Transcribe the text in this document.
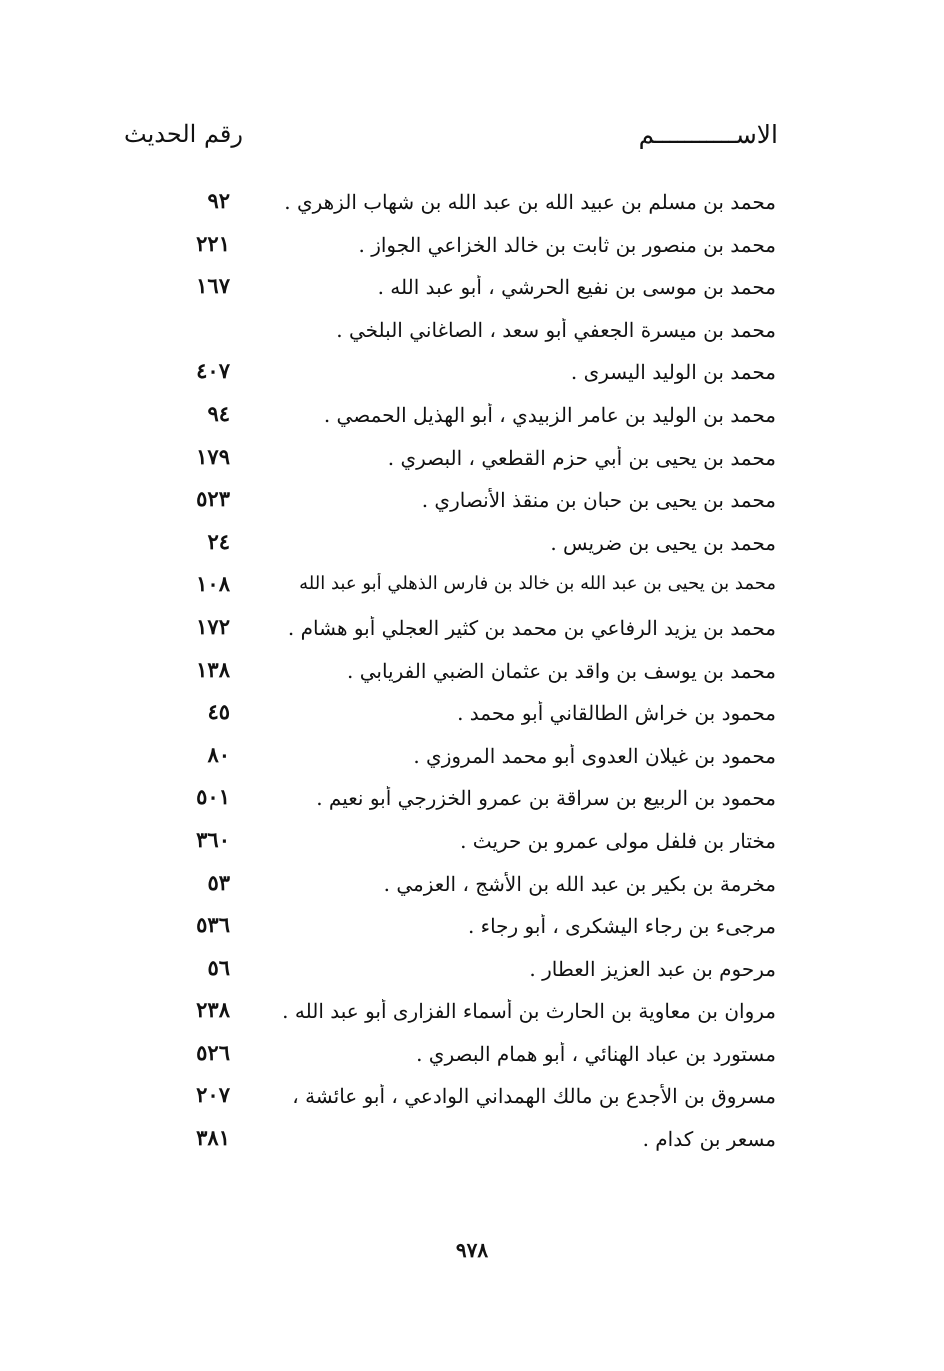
الاســـــــــــم
رقم الحديث
محمد بن مسلم بن عبيد الله بن عبد الله بن شهاب الزهري .
٩٢
محمد بن منصور بن ثابت بن خالد الخزاعي الجواز .
٢٢١
محمد بن موسى بن نفيع الحرشي ، أبو عبد الله .
١٦٧
محمد بن ميسرة الجعفي أبو سعد ، الصاغاني البلخي .
محمد بن الوليد اليسرى .
٤٠٧
محمد بن الوليد بن عامر الزبيدي ، أبو الهذيل الحمصي .
٩٤
محمد بن يحيى بن أبي حزم القطعي ، البصري .
١٧٩
محمد بن يحيى بن حبان بن منقذ الأنصاري .
٥٢٣
محمد بن يحيى بن ضريس .
٢٤
محمد بن يحيى بن عبد الله بن خالد بن فارس الذهلي أبو عبد الله
١٠٨
محمد بن يزيد الرفاعي بن محمد بن كثير العجلي أبو هشام .
١٧٢
محمد بن يوسف بن واقد بن عثمان الضبي الفريابي .
١٣٨
محمود بن خراش الطالقاني أبو محمد .
٤٥
محمود بن غيلان العدوى أبو محمد المروزي .
٨٠
محمود بن الربيع بن سراقة بن عمرو الخزرجي أبو نعيم .
٥٠١
مختار بن فلفل مولى عمرو بن حريث .
٣٦٠
مخرمة بن بكير بن عبد الله بن الأشج ، العزمي .
٥٣
مرجىء بن رجاء اليشكرى ، أبو رجاء .
٥٣٦
مرحوم بن عبد العزيز العطار .
٥٦
مروان بن معاوية بن الحارث بن أسماء الفزارى أبو عبد الله .
٢٣٨
مستورد بن عباد الهنائي ، أبو همام البصري .
٥٢٦
مسروق بن الأجدع بن مالك الهمداني الوادعي ، أبو عائشة ،
٢٠٧
مسعر بن كدام .
٣٨١
٩٧٨
